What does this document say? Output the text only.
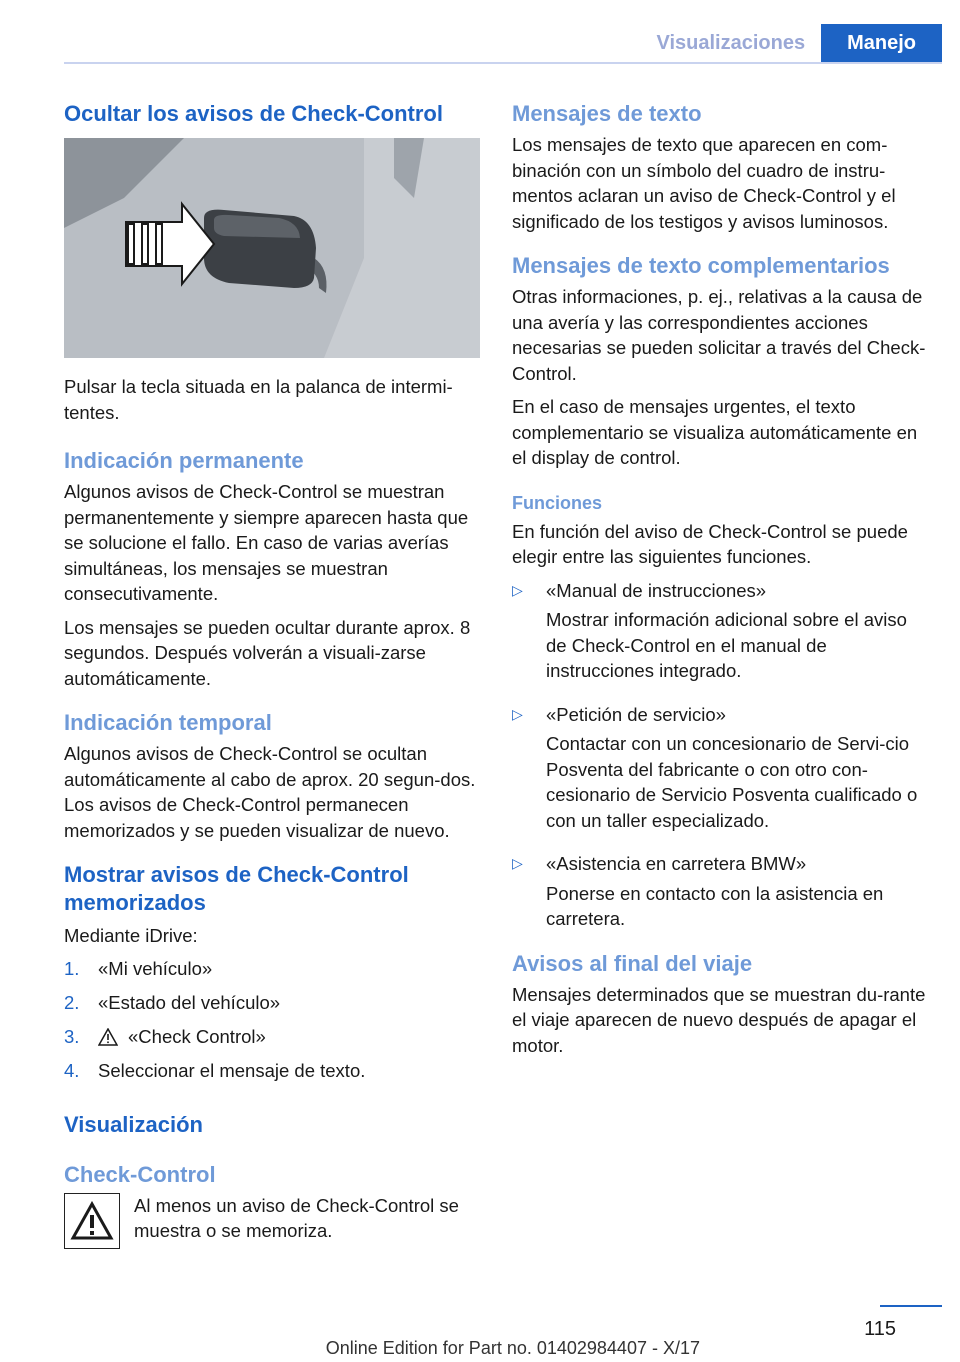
Visualizaciones	Manejo
Ocultar los avisos de Check-Control

Pulsar la tecla situada en la palanca de intermi-tentes.

Indicación permanente

Algunos avisos de Check-Control se muestran permanentemente y siempre aparecen hasta que se solucione el fallo. En caso de varias averías simultáneas, los mensajes se muestran consecutivamente.

Los mensajes se pueden ocultar durante aprox. 8 segundos. Después volverán a visuali-zarse automáticamente.

Indicación temporal

Algunos avisos de Check-Control se ocultan automáticamente al cabo de aprox. 20 segun-dos. Los avisos de Check-Control permanecen memorizados y se pueden visualizar de nuevo.

Mostrar avisos de Check-Control memorizados

Mediante iDrive:

1.	«Mi vehículo»
2.	«Estado del vehículo»
3.	«Check Control»
4.	Seleccionar el mensaje de texto.
Visualización
Check-Control

Al menos un aviso de Check-Control se muestra o se memoriza.

Mensajes de texto

Los mensajes de texto que aparecen en com-binación con un símbolo del cuadro de instru-mentos aclaran un aviso de Check-Control y el significado de los testigos y avisos luminosos.

Mensajes de texto complementarios

Otras informaciones, p. ej., relativas a la causa de una avería y las correspondientes acciones necesarias se pueden solicitar a través del Check-Control.

En el caso de mensajes urgentes, el texto complementario se visualiza automáticamente en el display de control.

Funciones

En función del aviso de Check-Control se puede elegir entre las siguientes funciones.

▷	«Manual de instrucciones»

Mostrar información adicional sobre el aviso de Check-Control en el manual de instrucciones integrado.

▷	«Petición de servicio»

Contactar con un concesionario de Servi-cio Posventa del fabricante o con otro con-cesionario de Servicio Posventa cualificado o con un taller especializado.

▷	«Asistencia en carretera BMW»

Ponerse en contacto con la asistencia en carretera.

Avisos al final del viaje

Mensajes determinados que se muestran du-rante el viaje aparecen de nuevo después de apagar el motor.

115
Online Edition for Part no. 01402984407 - X/17
